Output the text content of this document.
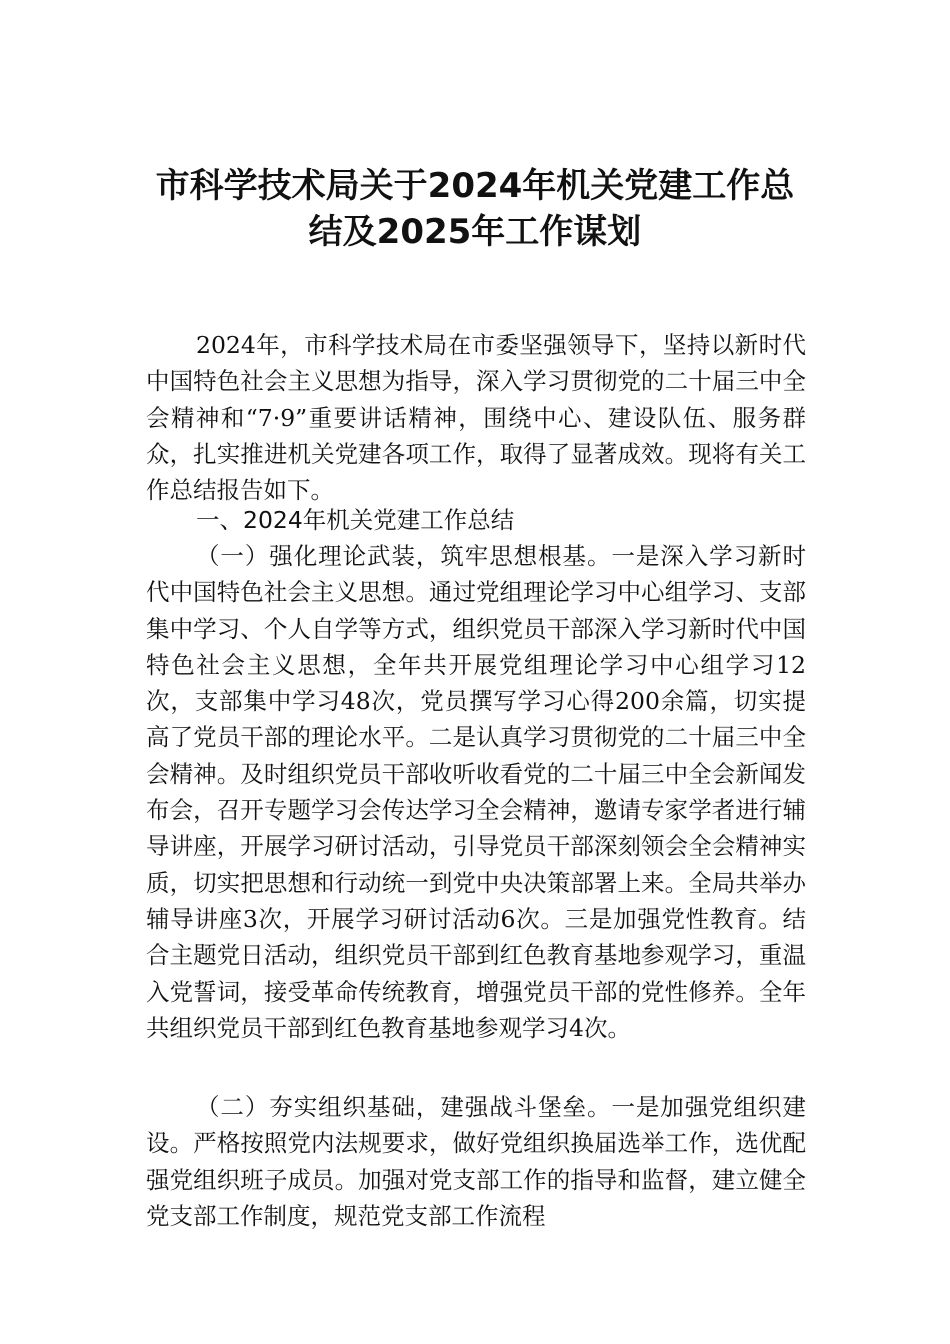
市科学技术局关于2024年机关党建工作总
结及2025年工作谋划
2024年，市科学技术局在市委坚强领导下，坚持以新时代中国特色社会主义思想为指导，深入学习贯彻党的二十届三中全会精神和“7·9”重要讲话精神，围绕中心、建设队伍、服务群众，扎实推进机关党建各项工作，取得了显著成效。现将有关工作总结报告如下。
一、2024年机关党建工作总结
（一）强化理论武装，筑牢思想根基。一是深入学习新时代中国特色社会主义思想。通过党组理论学习中心组学习、支部集中学习、个人自学等方式，组织党员干部深入学习新时代中国特色社会主义思想，全年共开展党组理论学习中心组学习12次，支部集中学习48次，党员撰写学习心得200余篇，切实提高了党员干部的理论水平。二是认真学习贯彻党的二十届三中全会精神。及时组织党员干部收听收看党的二十届三中全会新闻发布会，召开专题学习会传达学习全会精神，邀请专家学者进行辅导讲座，开展学习研讨活动，引导党员干部深刻领会全会精神实质，切实把思想和行动统一到党中央决策部署上来。全局共举办辅导讲座3次，开展学习研讨活动6次。三是加强党性教育。结合主题党日活动，组织党员干部到红色教育基地参观学习，重温入党誓词，接受革命传统教育，增强党员干部的党性修养。全年共组织党员干部到红色教育基地参观学习4次。
（二）夯实组织基础，建强战斗堡垒。一是加强党组织建设。严格按照党内法规要求，做好党组织换届选举工作，选优配强党组织班子成员。加强对党支部工作的指导和监督，建立健全党支部工作制度，规范党支部工作流程
